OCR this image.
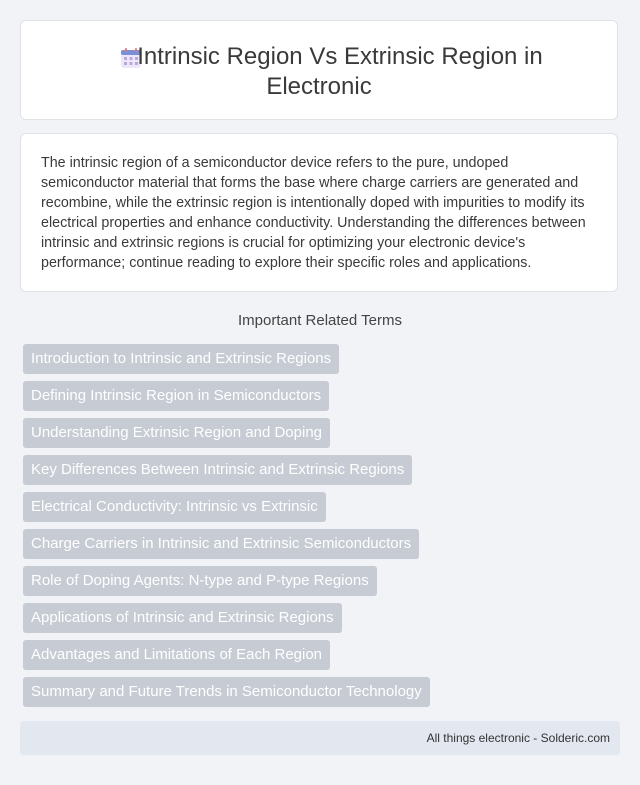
Intrinsic Region Vs Extrinsic Region in
Electronic

The intrinsic region of a semiconductor device refers to the pure, undoped semiconductor material that forms the base where charge carriers are generated and recombine, while the extrinsic region is intentionally doped with impurities to modify its electrical properties and enhance conductivity. Understanding the differences between intrinsic and extrinsic regions is crucial for optimizing your electronic device's performance; continue reading to explore their specific roles and applications.

Important Related Terms
Introduction to Intrinsic and Extrinsic Regions
Defining Intrinsic Region in Semiconductors
Understanding Extrinsic Region and Doping
Key Differences Between Intrinsic and Extrinsic Regions
Electrical Conductivity: Intrinsic vs Extrinsic
Charge Carriers in Intrinsic and Extrinsic Semiconductors
Role of Doping Agents: N-type and P-type Regions
Applications of Intrinsic and Extrinsic Regions
Advantages and Limitations of Each Region
Summary and Future Trends in Semiconductor Technology
All things electronic - Solderic.com
